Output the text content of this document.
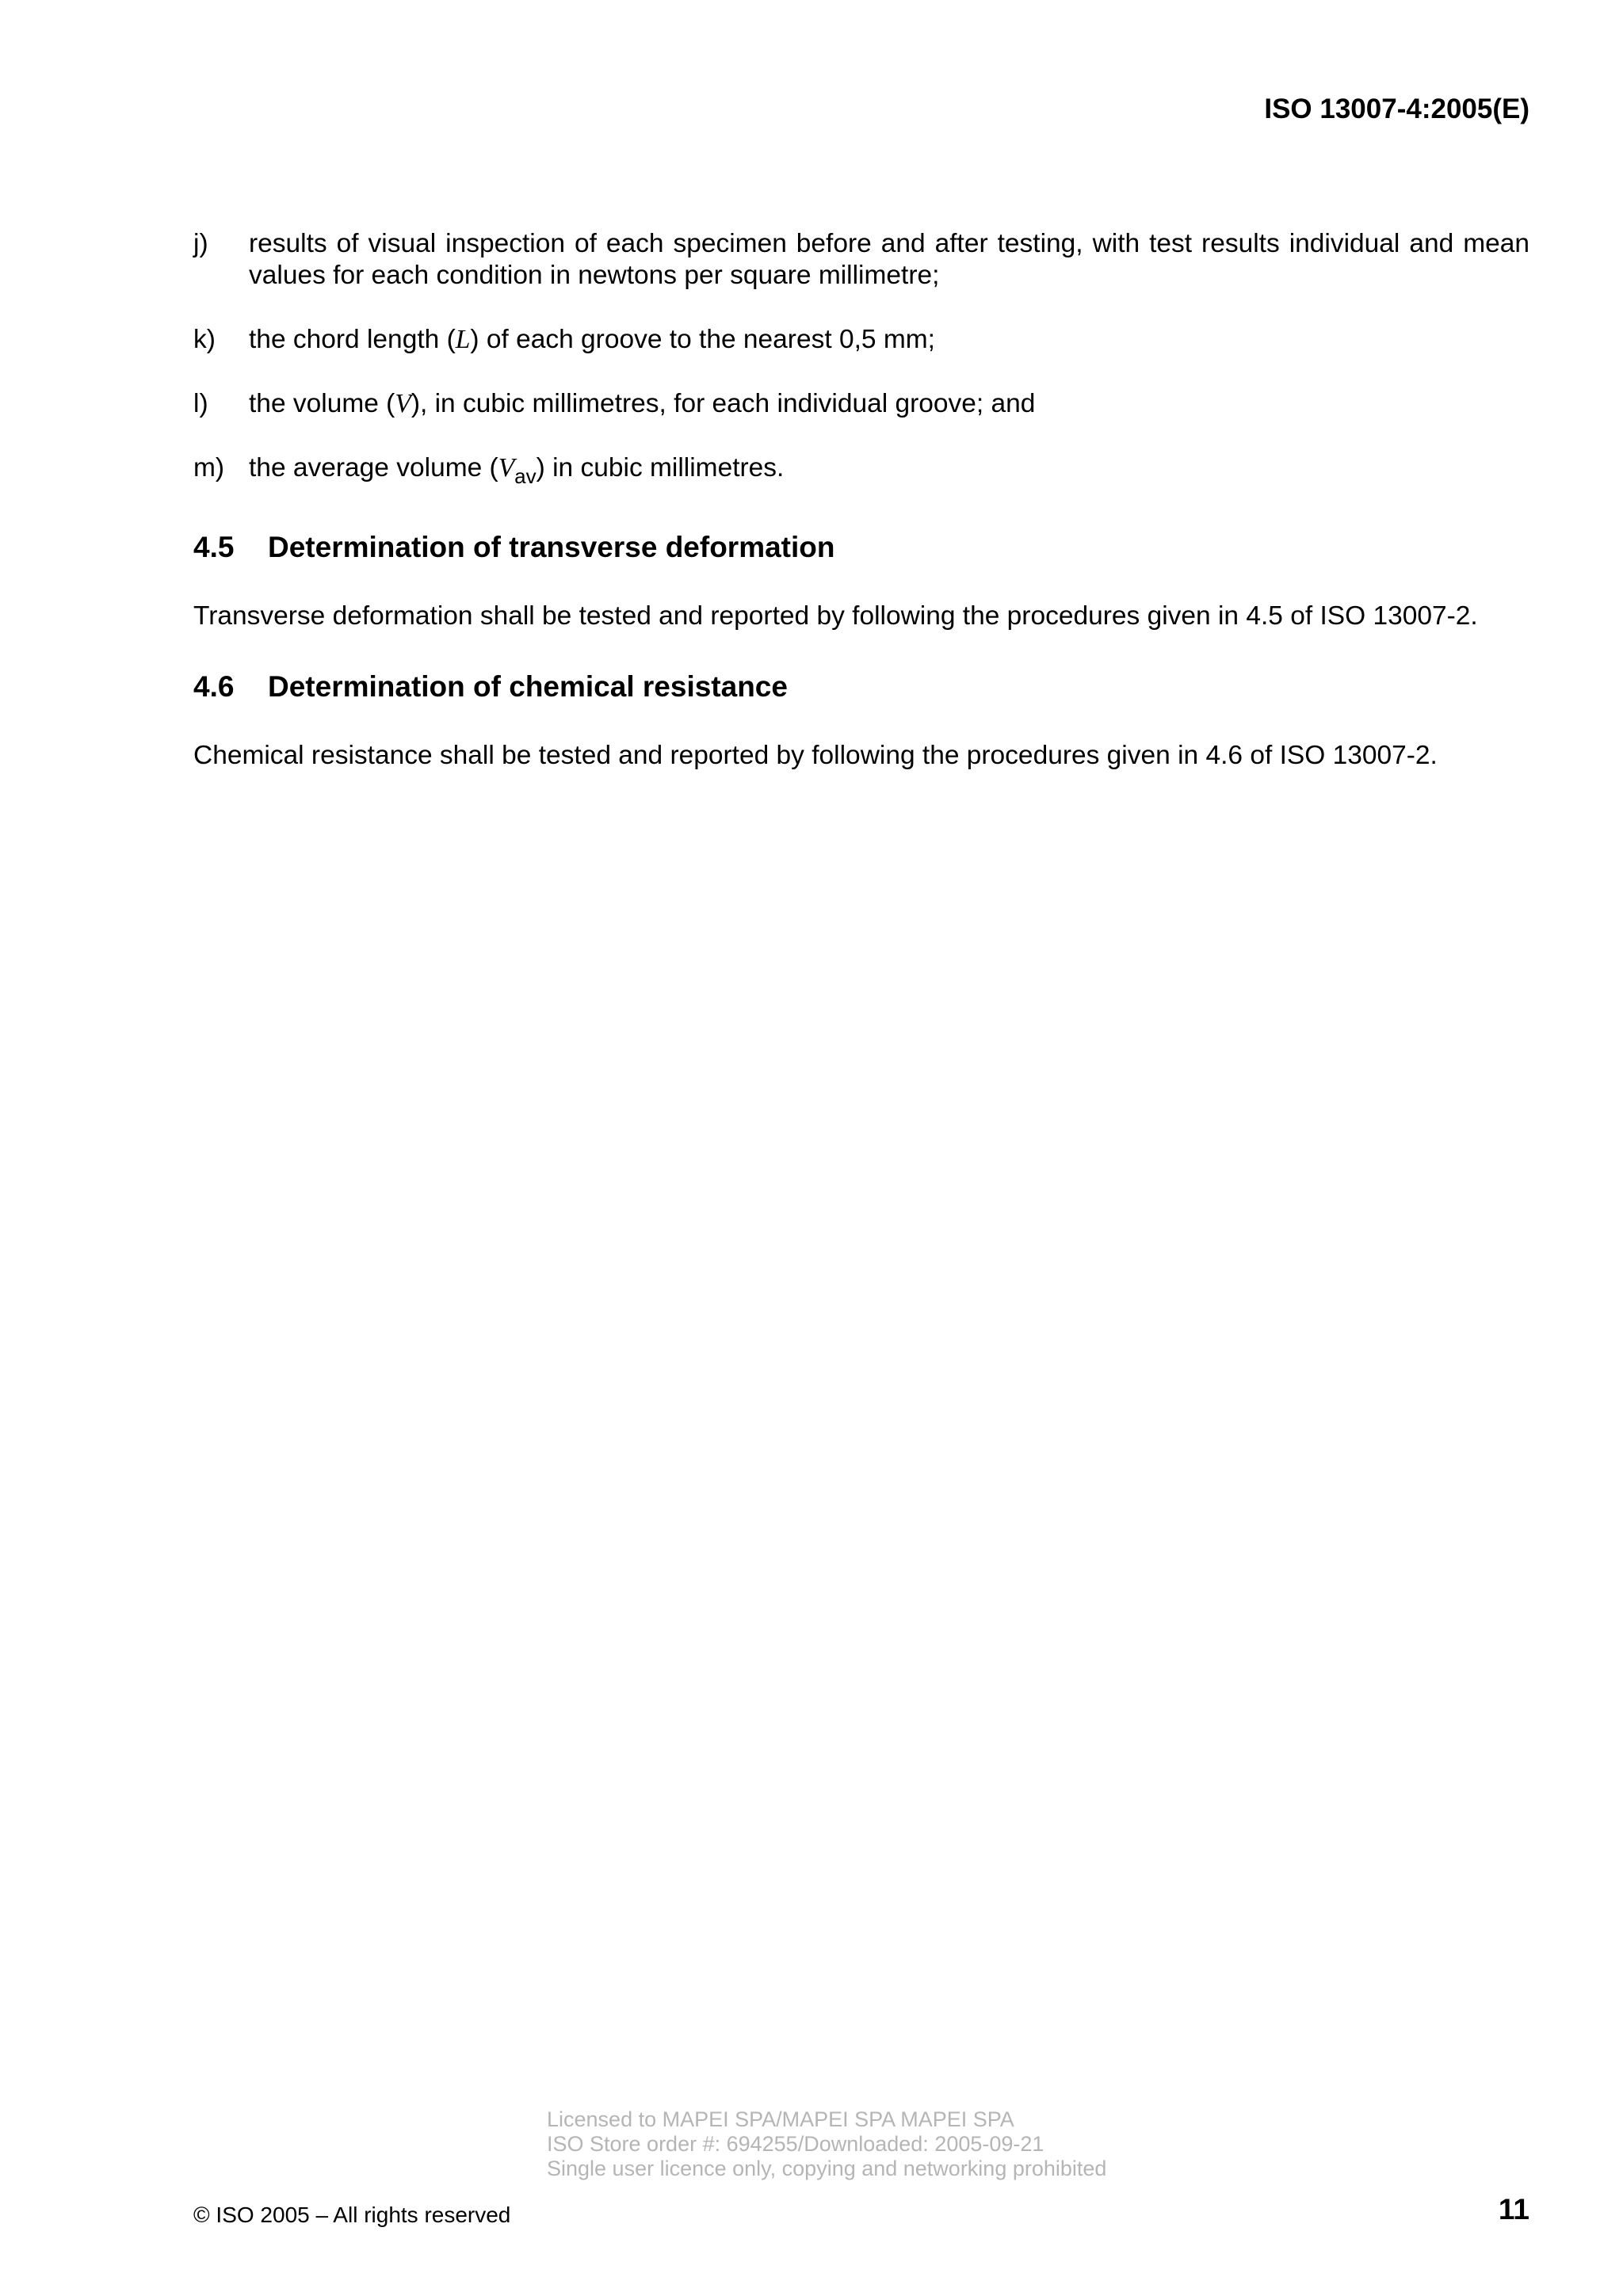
ISO 13007-4:2005(E)
j) results of visual inspection of each specimen before and after testing, with test results individual and mean values for each condition in newtons per square millimetre;
k) the chord length (L) of each groove to the nearest 0,5 mm;
l) the volume (V), in cubic millimetres, for each individual groove; and
m) the average volume $(V_{av})$ in cubic millimetres.
4.5 Determination of transverse deformation
Transverse deformation shall be tested and reported by following the procedures given in 4.5 of ISO 13007-2.
4.6 Determination of chemical resistance
Chemical resistance shall be tested and reported by following the procedures given in 4.6 of ISO 13007-2.
Licensed to MAPEI SPA/MAPEI SPA MAPEI SPA
ISO Store order #: 694255/Downloaded: 2005-09-21
Single user licence only, copying and networking prohibited
© ISO 2005 – All rights reserved	11
